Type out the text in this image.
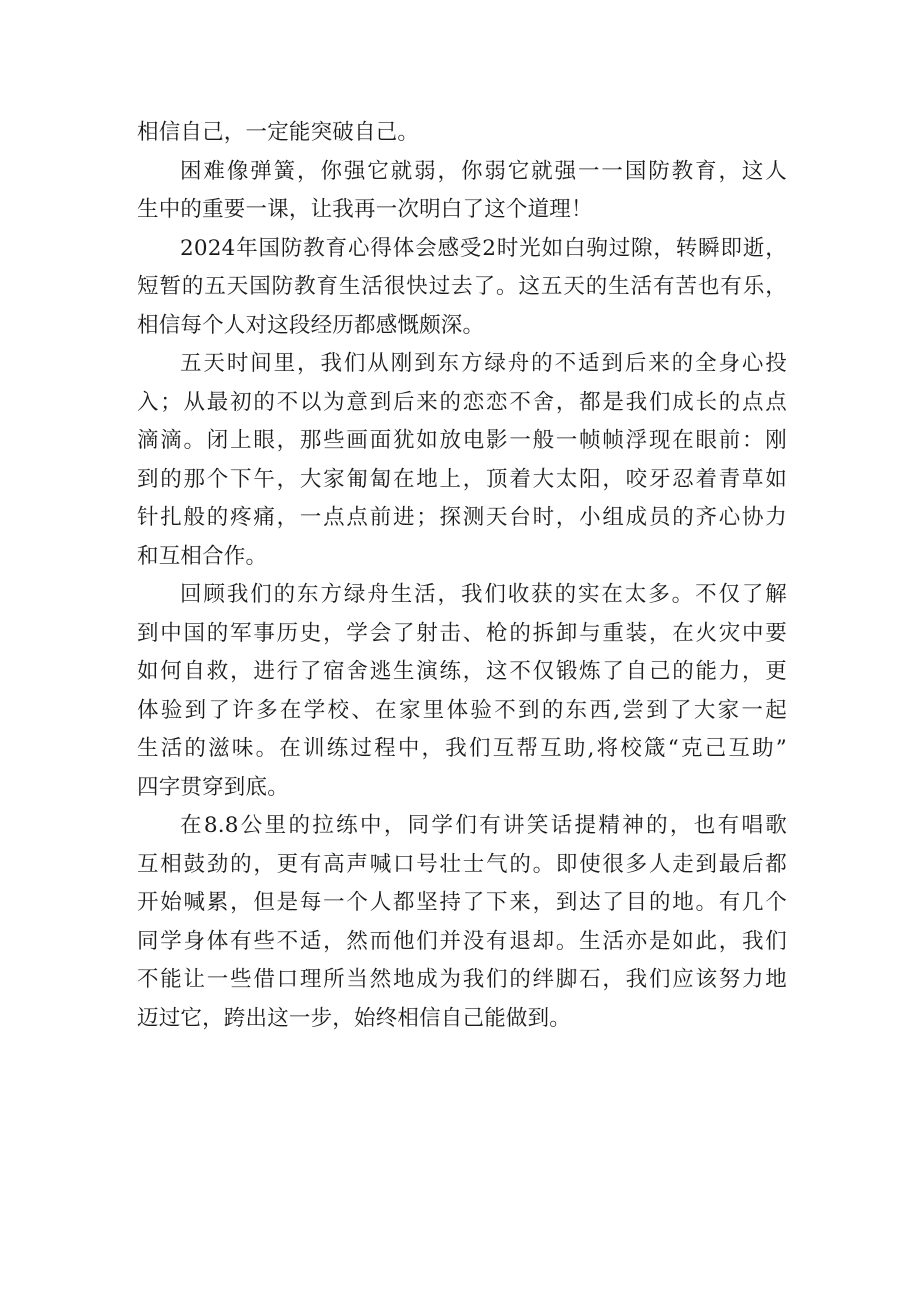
相信自己，一定能突破自己。

困难像弹簧，你强它就弱，你弱它就强一一国防教育，这人
生中的重要一课，让我再一次明白了这个道理！

2024年国防教育心得体会感受2时光如白驹过隙，转瞬即逝，
短暂的五天国防教育生活很快过去了。这五天的生活有苦也有乐，
相信每个人对这段经历都感慨颇深。

五天时间里，我们从刚到东方绿舟的不适到后来的全身心投
入；从最初的不以为意到后来的恋恋不舍，都是我们成长的点点
滴滴。闭上眼，那些画面犹如放电影一般一帧帧浮现在眼前：刚
到的那个下午，大家匍匐在地上，顶着大太阳，咬牙忍着青草如
针扎般的疼痛，一点点前进；探测天台时，小组成员的齐心协力
和互相合作。

回顾我们的东方绿舟生活，我们收获的实在太多。不仅了解
到中国的军事历史，学会了射击、枪的拆卸与重装，在火灾中要
如何自救，进行了宿舍逃生演练，这不仅锻炼了自己的能力，更
体验到了许多在学校、在家里体验不到的东西,尝到了大家一起
生活的滋味。在训练过程中，我们互帮互助,将校箴“克己互助”
四字贯穿到底。

在8.8公里的拉练中，同学们有讲笑话提精神的，也有唱歌
互相鼓劲的，更有高声喊口号壮士气的。即使很多人走到最后都
开始喊累，但是每一个人都坚持了下来，到达了目的地。有几个
同学身体有些不适，然而他们并没有退却。生活亦是如此，我们
不能让一些借口理所当然地成为我们的绊脚石，我们应该努力地
迈过它，跨出这一步，始终相信自己能做到。
